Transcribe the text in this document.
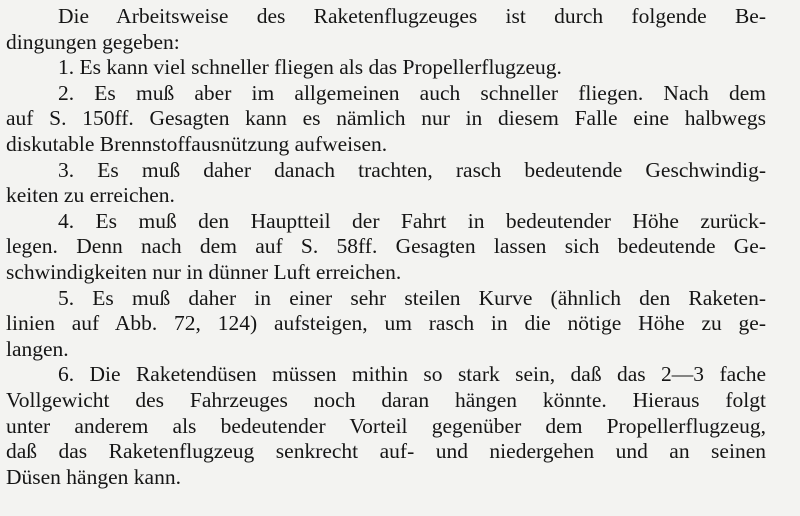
Die Arbeitsweise des Raketenflugzeuges ist durch folgende Be-
dingungen gegeben:
1. Es kann viel schneller fliegen als das Propellerflugzeug.
2. Es muß aber im allgemeinen auch schneller fliegen. Nach dem
auf S. 150ff. Gesagten kann es nämlich nur in diesem Falle eine halbwegs
diskutable Brennstoffausnützung aufweisen.
3. Es muß daher danach trachten, rasch bedeutende Geschwindig-
keiten zu erreichen.
4. Es muß den Hauptteil der Fahrt in bedeutender Höhe zurück-
legen. Denn nach dem auf S. 58ff. Gesagten lassen sich bedeutende Ge-
schwindigkeiten nur in dünner Luft erreichen.
5. Es muß daher in einer sehr steilen Kurve (ähnlich den Raketen-
linien auf Abb. 72, 124) aufsteigen, um rasch in die nötige Höhe zu ge-
langen.
6. Die Raketendüsen müssen mithin so stark sein, daß das 2—3 fache
Vollgewicht des Fahrzeuges noch daran hängen könnte. Hieraus folgt
unter anderem als bedeutender Vorteil gegenüber dem Propellerflugzeug,
daß das Raketenflugzeug senkrecht auf- und niedergehen und an seinen
Düsen hängen kann.
